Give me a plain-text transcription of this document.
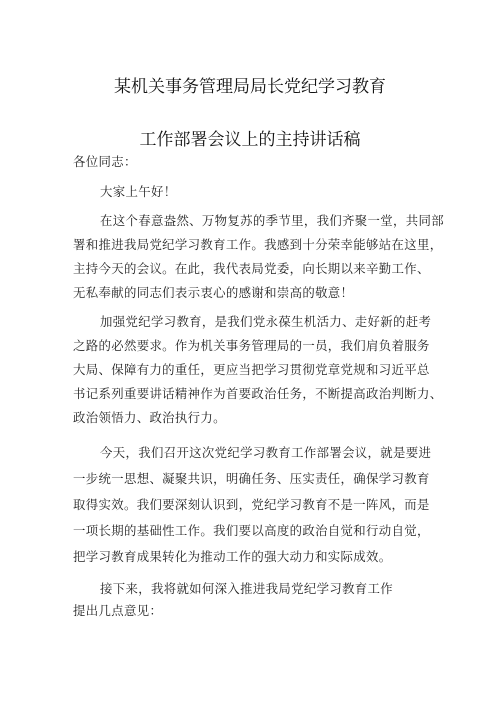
某机关事务管理局局长党纪学习教育
工作部署会议上的主持讲话稿
各位同志：
大家上午好！
在这个春意盎然、万物复苏的季节里，我们齐聚一堂，共同部
署和推进我局党纪学习教育工作。我感到十分荣幸能够站在这里，
主持今天的会议。在此，我代表局党委，向长期以来辛勤工作、
无私奉献的同志们表示衷心的感谢和崇高的敬意！
加强党纪学习教育，是我们党永葆生机活力、走好新的赶考
之路的必然要求。作为机关事务管理局的一员，我们肩负着服务
大局、保障有力的重任，更应当把学习贯彻党章党规和习近平总
书记系列重要讲话精神作为首要政治任务，不断提高政治判断力、
政治领悟力、政治执行力。
今天，我们召开这次党纪学习教育工作部署会议，就是要进
一步统一思想、凝聚共识，明确任务、压实责任，确保学习教育
取得实效。我们要深刻认识到，党纪学习教育不是一阵风，而是
一项长期的基础性工作。我们要以高度的政治自觉和行动自觉，
把学习教育成果转化为推动工作的强大动力和实际成效。
接下来，我将就如何深入推进我局党纪学习教育工作
提出几点意见：
